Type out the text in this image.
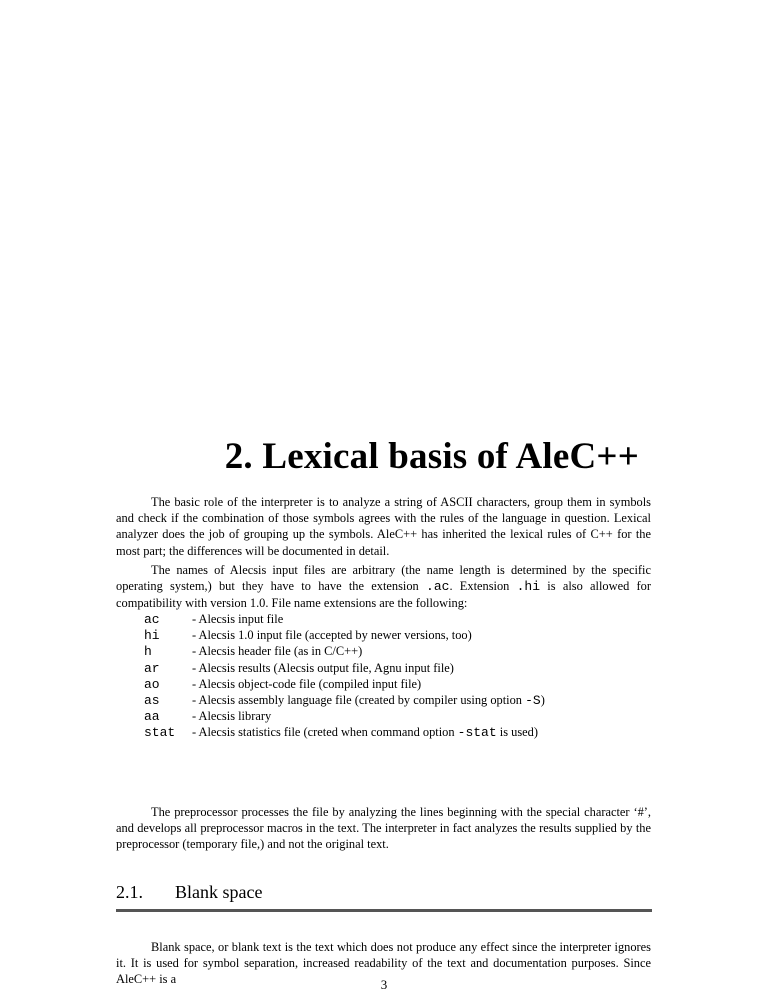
2. Lexical basis of AleC++

The basic role of the interpreter is to analyze a string of ASCII characters, group them in symbols and check if the combination of those symbols agrees with the rules of the language in question. Lexical analyzer does the job of grouping up the symbols. AleC++ has inherited the lexical rules of C++ for the most part; the differences will be documented in detail.

The names of Alecsis input files are arbitrary (the name length is determined by the specific operating system,) but they have to have the extension .ac. Extension .hi is also allowed for compatibility with version 1.0. File name extensions are the following:

ac	- Alecsis input file
hi	- Alecsis 1.0 input file (accepted by newer versions, too)
h	- Alecsis header file (as in C/C++)
ar	- Alecsis results (Alecsis output file, Agnu input file)
ao	- Alecsis object-code file (compiled input file)
as	- Alecsis assembly language file (created by compiler using option -S)
aa	- Alecsis library
stat - Alecsis statistics file (creted when command option -stat is used)

The preprocessor processes the file by analyzing the lines beginning with the special character ‘#’, and develops all preprocessor macros in the text. The interpreter in fact analyzes the results supplied by the preprocessor (temporary file,) and not the original text.

2.1. Blank space

Blank space, or blank text is the text which does not produce any effect since the interpreter ignores it. It is used for symbol separation, increased readability of the text and documentation purposes. Since AleC++ is a	3
